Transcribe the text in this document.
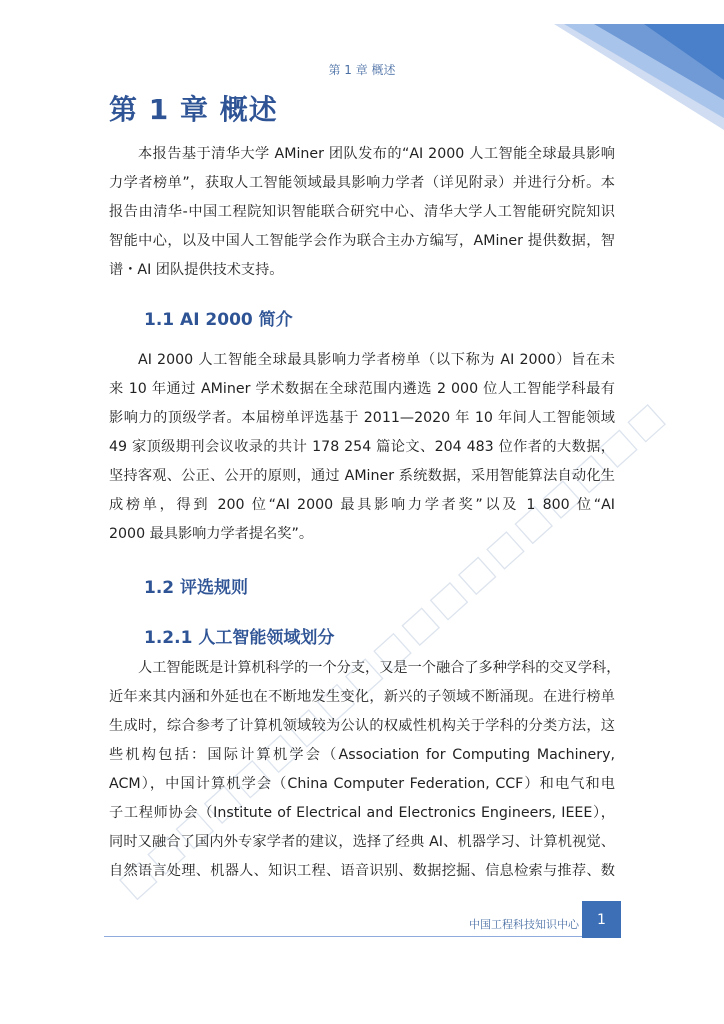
第 1 章 概述
第 1 章 概述
本报告基于清华大学 AMiner 团队发布的“AI 2000 人工智能全球最具影响
力学者榜单”，获取人工智能领域最具影响力学者（详见附录）并进行分析。本
报告由清华-中国工程院知识智能联合研究中心、清华大学人工智能研究院知识
智能中心，以及中国人工智能学会作为联合主办方编写，AMiner 提供数据，智
谱・AI 团队提供技术支持。
1.1 AI 2000 简介
AI 2000 人工智能全球最具影响力学者榜单（以下称为 AI 2000）旨在未
来 10 年通过 AMiner 学术数据在全球范围内遴选 2 000 位人工智能学科最有
影响力的顶级学者。本届榜单评选基于 2011—2020 年 10 年间人工智能领域
49 家顶级期刊会议收录的共计 178 254 篇论文、204 483 位作者的大数据，
坚持客观、公正、公开的原则，通过 AMiner 系统数据，采用智能算法自动化生
成榜单，得到 200 位“AI 2000 最具影响力学者奖”以及 1 800 位“AI
2000 最具影响力学者提名奖”。
1.2 评选规则
1.2.1 人工智能领域划分
人工智能既是计算机科学的一个分支，又是一个融合了多种学科的交叉学科，
近年来其内涵和外延也在不断地发生变化，新兴的子领域不断涌现。在进行榜单
生成时，综合参考了计算机领域较为公认的权威性机构关于学科的分类方法，这
些机构包括：国际计算机学会（Association for Computing Machinery,
ACM），中国计算机学会（China Computer Federation, CCF）和电气和电
子工程师协会（Institute of Electrical and Electronics Engineers, IEEE），
同时又融合了国内外专家学者的建议，选择了经典 AI、机器学习、计算机视觉、
自然语言处理、机器人、知识工程、语音识别、数据挖掘、信息检索与推荐、数
中国工程科技知识中心	1
